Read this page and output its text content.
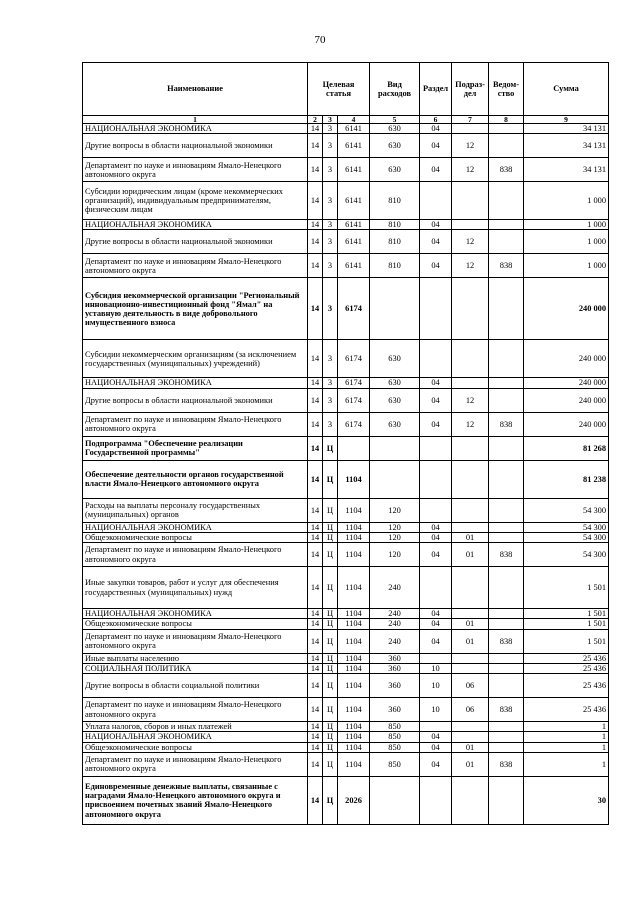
70
Наименование	Целевая статья			Вид расходов	Раздел	Подраз-дел	Ведом-ство	Сумма
1	2	3	4	5	6	7	8	9
НАЦИОНАЛЬНАЯ ЭКОНОМИКА	14	3	6141	630	04			34 131
Другие вопросы в области национальной экономики	14	3	6141	630	04	12		34 131
Департамент по науке и инновациям Ямало-Ненецкого автономного округа	14	3	6141	630	04	12	838	34 131
Субсидии юридическим лицам (кроме некоммерческих организаций), индивидуальным предпринимателям, физическим лицам	14	3	6141	810				1 000
НАЦИОНАЛЬНАЯ ЭКОНОМИКА	14	3	6141	810	04			1 000
Другие вопросы в области национальной экономики	14	3	6141	810	04	12		1 000
Департамент по науке и инновациям Ямало-Ненецкого автономного округа	14	3	6141	810	04	12	838	1 000
Субсидия некоммерческой организации "Региональный инновационно-инвестиционный фонд "Ямал" на уставную деятельность в виде добровольного имущественного взноса	14	3	6174					240 000
Субсидии некоммерческим организациям (за исключением государственных (муниципальных) учреждений)	14	3	6174	630				240 000
НАЦИОНАЛЬНАЯ ЭКОНОМИКА	14	3	6174	630	04			240 000
Другие вопросы в области национальной экономики	14	3	6174	630	04	12		240 000
Департамент по науке и инновациям Ямало-Ненецкого автономного округа	14	3	6174	630	04	12	838	240 000
Подпрограмма "Обеспечение реализации Государственной программы"	14	Ц						81 268
Обеспечение деятельности органов государственной власти Ямало-Ненецкого автономного округа	14	Ц	1104					81 238
Расходы на выплаты персоналу государственных (муниципальных) органов	14	Ц	1104	120				54 300
НАЦИОНАЛЬНАЯ ЭКОНОМИКА	14	Ц	1104	120	04			54 300
Общеэкономические вопросы	14	Ц	1104	120	04	01		54 300
Департамент по науке и инновациям Ямало-Ненецкого автономного округа	14	Ц	1104	120	04	01	838	54 300
Иные закупки товаров, работ и услуг для обеспечения государственных (муниципальных) нужд	14	Ц	1104	240				1 501
НАЦИОНАЛЬНАЯ ЭКОНОМИКА	14	Ц	1104	240	04			1 501
Общеэкономические вопросы	14	Ц	1104	240	04	01		1 501
Департамент по науке и инновациям Ямало-Ненецкого автономного округа	14	Ц	1104	240	04	01	838	1 501
Иные выплаты населению	14	Ц	1104	360				25 436
СОЦИАЛЬНАЯ ПОЛИТИКА	14	Ц	1104	360	10			25 436
Другие вопросы в области социальной политики	14	Ц	1104	360	10	06		25 436
Департамент по науке и инновациям Ямало-Ненецкого автономного округа	14	Ц	1104	360	10	06	838	25 436
Уплата налогов, сборов и иных платежей	14	Ц	1104	850				1
НАЦИОНАЛЬНАЯ ЭКОНОМИКА	14	Ц	1104	850	04			1
Общеэкономические вопросы	14	Ц	1104	850	04	01		1
Департамент по науке и инновациям Ямало-Ненецкого автономного округа	14	Ц	1104	850	04	01	838	1
Единовременные денежные выплаты, связанные с наградами Ямало-Ненецкого автономного округа и присвоением почетных званий Ямало-Ненецкого автономного округа	14	Ц	2026					30
